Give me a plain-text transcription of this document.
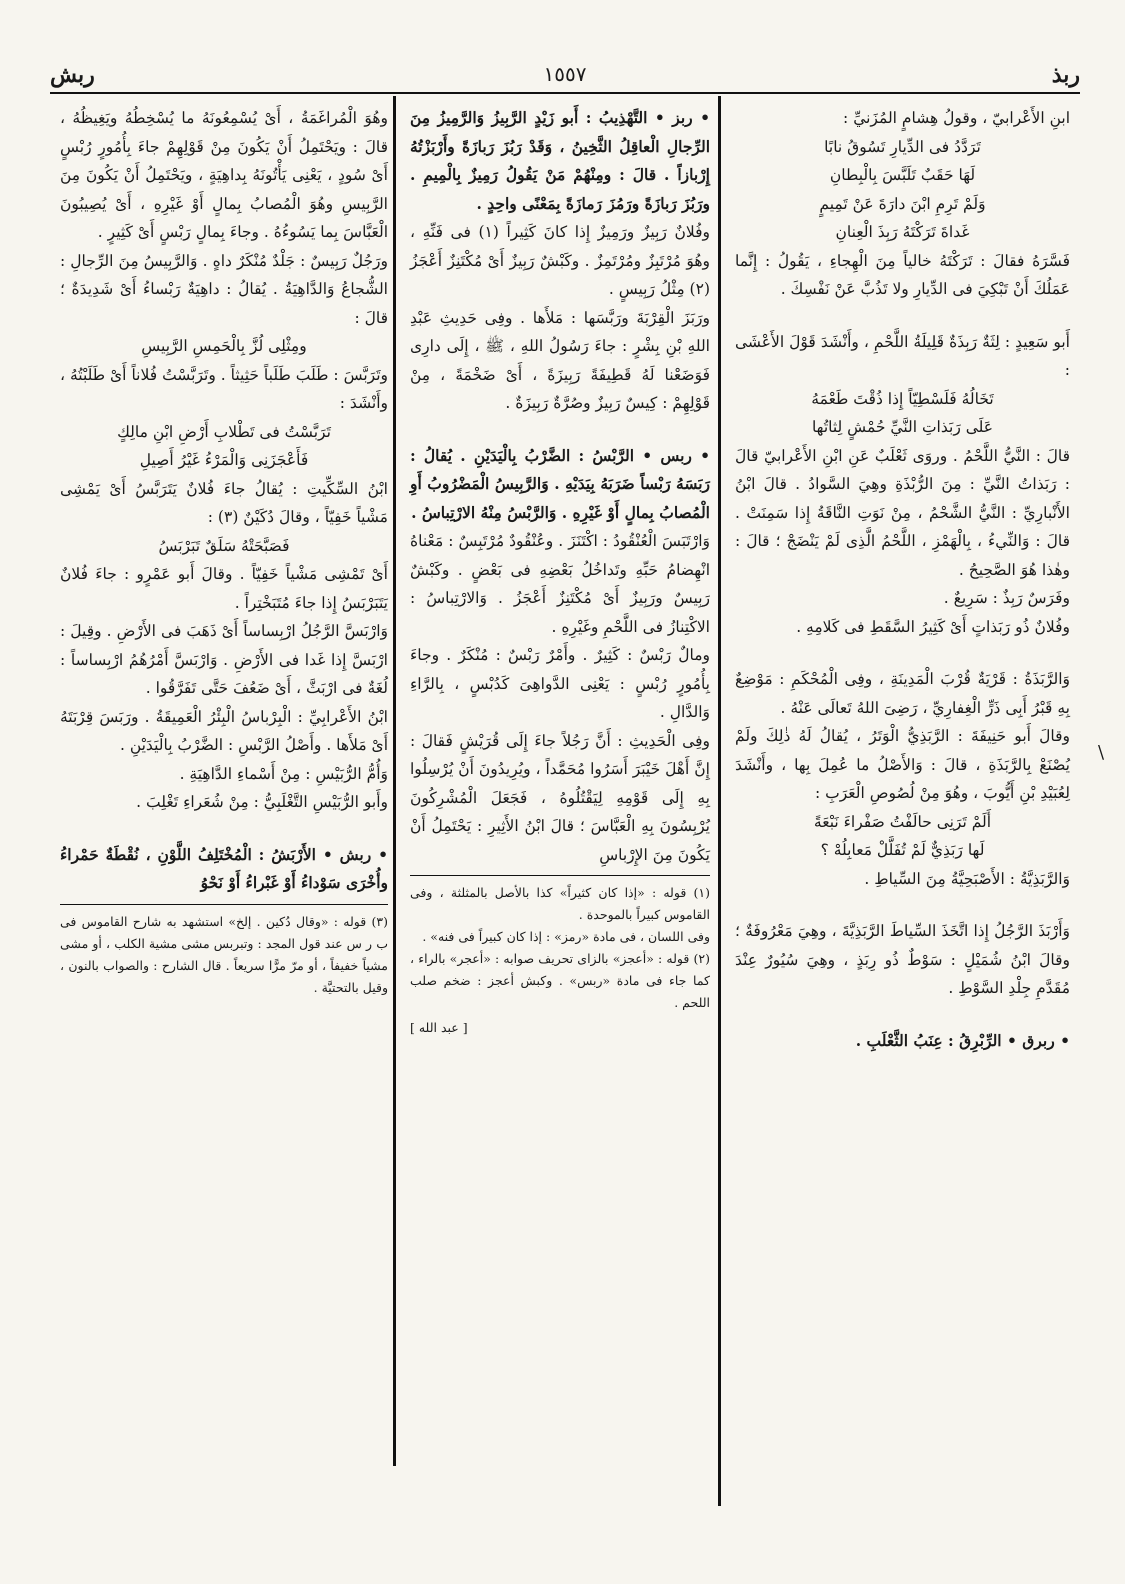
ربذ
١٥٥٧
ربش
\

ابنِ الأَعْرابيّ ، وقولُ هِشامٍ المُزَنيِّ :

تَرَدَّدُ فى الدِّيارِ تَسُوقُ نابًا

لَهَا حَقَبٌ تَلَبَّسَ بِالْبِطانِ

وَلَمْ تَرِمِ ابْنَ دارَةَ عَنْ تَمِيمٍ

غَداةَ تَرَكْتَهُ رَبِذَ الْعِنانِ

فَسَّرَهُ فقالَ : تَرَكْتَهُ خالياً مِنَ الْهِجاءِ ، يَقُولُ : إِنَّما عَمَلُكَ أَنْ تَبْكِيَ فى الدِّيارِ ولا تَذُبَّ عَنْ نَفْسِكَ .

أَبو سَعِيدٍ : لِثَةٌ رَبِذَةٌ قَلِيلَةُ اللَّحْمِ ، وأَنْشَدَ قَوْلَ الأَعْشَى :

تَخَالُهُ فَلَسْطِيّاً إِذا ذُقْتَ طَعْمَهُ

عَلَى رَبَذاتِ النَّيِّ حُمْشٍ لِثاتُها

قالَ : النَّيُّ اللَّحْمُ . وروَى ثَعْلَبٌ عَنِ ابْنِ الأَعْرابيّ قالَ : رَبَذاتُ النَّيِّ : مِنَ الرُّبْذَةِ وهِيَ السَّوادُ . قالَ ابْنُ الأَنْبارِيِّ : النَّيُّ الشَّحْمُ ، مِنْ نَوَتِ النَّاقَةُ إِذا سَمِنَتْ . قالَ : وَالنِّيءُ ، بِالْهَمْزِ ، اللَّحْمُ الَّذِى لَمْ يَنْضَجْ ؛ قالَ : وهٰذا هُوَ الصَّحِيحُ .

وفَرَسٌ رَبِذٌ : سَرِيعٌ .

وفُلانٌ ذُو رَبَذاتٍ أَىْ كَثِيرُ السَّقَطِ فى كَلامِهِ .

وَالرَّبَذَةُ : قَرْيَةٌ قُرْبَ الْمَدِينَةِ ، وفِى الْمُحْكَمِ : مَوْضِعٌ بِهِ قَبْرُ أَبِى ذَرٍّ الْغِفارِيِّ ، رَضِىَ اللهُ تَعالَى عَنْهُ .

وقالَ أَبو حَنِيفَةَ : الرَّبَذِيُّ الْوَتَرُ ، يُقالُ لَهُ ذٰلِكَ ولَمْ يُصْنَعْ بِالرَّبَذَةِ ، قالَ : وَالأَصْلُ ما عُمِلَ بِها ، وأَنْشَدَ لِعُبَيْدِ بْنِ أَيُّوبَ ، وهُوَ مِنْ لُصُوصِ الْعَرَبِ :

أَلَمْ تَرَنِى حالَفْتُ صَفْراءَ نَبْعَةً

لَها رَبَذِيٌّ لَمْ تُفَلَّلْ مَعابِلُهْ ؟

وَالرَّبَذِيَّةُ : الأَصْبَحِيَّةُ مِنَ السِّياطِ .

وَأَرْبَذَ الرَّجُلُ إِذا اتَّخَذَ السِّياطَ الرَّبَذِيَّةَ ، وهِيَ مَعْرُوفَةٌ ؛ وقالَ ابْنُ شُمَيْلٍ : سَوْطٌ ذُو رِبَذٍ ، وهِيَ سُيُورٌ عِنْدَ مُقَدَّمِ جِلْدِ السَّوْطِ .

• ربرق • الرِّبْرِقُ : عِنَبُ الثَّعْلَبِ .

• ربز • التَّهْذِيبُ : أَبو زَيْدٍ الرَّبِيزُ وَالرَّمِيزُ مِنَ الرِّجالِ الْعاقِلُ الثَّخِينُ ، وَقَدْ رَبُزَ رَبازَةً وأَرْبَزْتُهُ إِرْبازاً . قالَ : ومِنْهُمْ مَنْ يَقُولُ رَمِيزٌ بِالْمِيمِ . ورَبُزَ رَبازَةً ورَمُزَ رَمازَةً بِمَعْنًى واحِدٍ .

وفُلانٌ رَبِيزٌ ورَمِيزٌ إِذا كانَ كَثِيراً (١) فى فَنِّهِ ، وهُوَ مُرْتَبِزٌ ومُرْتَمِزٌ . وكَبْشٌ رَبِيزٌ أَىْ مُكْتَنِزٌ أَعْجَزُ (٢) مِثْلُ رَبِيسٍ .

ورَبَزَ الْقِرْبَةَ ورَبَّسَها : مَلأَها . وفِى حَدِيثِ عَبْدِ اللهِ بْنِ بِشْرٍ : جاءَ رَسُولُ اللهِ ، ﷺ ، إِلَى دارِى فَوَضَعْنا لَهُ قَطِيفَةً رَبِيزَةً ، أَىْ ضَخْمَةً ، مِنْ قَوْلِهِمْ : كِيسٌ رَبِيزٌ وصُرَّةٌ رَبِيزَةٌ .

• ربس • الرَّبْسُ : الضَّرْبُ بِالْيَدَيْنِ . يُقالُ : رَبَسَهُ رَبْساً ضَرَبَهُ بِيَدَيْهِ . وَالرَّبِيسُ الْمَضْرُوبُ أَوِ الْمُصابُ بِمالٍ أَوْ غَيْرِهِ . وَالرَّبْسُ مِنْهُ الارْتِباسُ .

وَارْتَبَسَ الْعُنْقُودُ : اكْتَنَزَ . وعُنْقُودٌ مُرْتَبِسٌ : مَعْناهُ انْهِضامُ حَبِّهِ وتَداخُلُ بَعْضِهِ فى بَعْضٍ . وكَبْشٌ رَبِيسٌ ورَبِيزٌ أَىْ مُكْتَنِزٌ أَعْجَزُ . وَالارْتِباسُ : الاكْتِنازُ فى اللَّحْمِ وغَيْرِهِ .

ومالٌ رَبْسٌ : كَثِيرٌ . وأَمْرٌ رَبْسٌ : مُنْكَرٌ . وجاءَ بِأُمُورٍ رُبْسٍ : يَعْنِى الدَّواهِىَ كَدُبْسٍ ، بِالرَّاءِ وَالدَّالِ .

وفِى الْحَدِيثِ : أَنَّ رَجُلاً جاءَ إِلَى قُرَيْشٍ فَقالَ : إِنَّ أَهْلَ خَيْبَرَ أَسَرُوا مُحَمَّداً ، ويُرِيدُونَ أَنْ يُرْسِلُوا بِهِ إِلَى قَوْمِهِ لِيَقْتُلُوهُ ، فَجَعَلَ الْمُشْرِكُونَ يُرْبِسُونَ بِهِ الْعَبَّاسَ ؛ قالَ ابْنُ الأَثِيرِ : يَحْتَمِلُ أَنْ يَكُونَ مِنَ الإِرْباسِ

(١) قوله : «إذا كان كثيراً» كذا بالأصل بالمثلثة ، وفى القاموس كبيراً بالموحدة .

وفى اللسان ، فى مادة «رمز» : إذا كان كبيراً فى فنه» .

(٢) قوله : «أعجز» بالزاى تحريف صوابه : «أعجر» بالراء ، كما جاء فى مادة «ربس» . وكبش أعجز : ضخم صلب اللحم .

[ عبد الله ]

وهُوَ الْمُراغَمَةُ ، أَىْ يُسْمِعُونَهُ ما يُسْخِطُهُ ويَغِيظُهُ ، قالَ : ويَحْتَمِلُ أَنْ يَكُونَ مِنْ قَوْلِهِمْ جاءَ بِأُمُورٍ رُبْسٍ أَىْ سُودٍ ، يَعْنِى يَأْتُونَهُ بِداهِيَةٍ ، ويَحْتَمِلُ أَنْ يَكُونَ مِنَ الرَّبِيسِ وهُوَ الْمُصابُ بِمالٍ أَوْ غَيْرِهِ ، أَىْ يُصِيبُونَ الْعَبَّاسَ بِما يَسُوءُهُ . وجاءَ بِمالٍ رَبْسٍ أَىْ كَثِيرٍ .

ورَجُلٌ رَبِيسٌ : جَلْدٌ مُنْكَرٌ داهٍ . وَالرَّبِيسُ مِنَ الرِّجالِ : الشُّجاعُ وَالدَّاهِيَةُ . يُقالُ : داهِيَةٌ رَبْساءُ أَىْ شَدِيدَةٌ ؛ قالَ :

ومِثْلِى لُزَّ بِالْحَمِسِ الرَّبِيسِ

وتَرَبَّسَ : طَلَبَ طَلَباً حَثِيثاً . وتَرَبَّسْتُ فُلاناً أَىْ طَلَبْتُهُ ، وأَنْشَدَ :

تَرَبَّسْتُ فى تَطْلابِ أَرْضِ ابْنِ مالِكٍ

فَأَعْجَزَنِى وَالْمَرْءُ غَيْرُ أَصِيلِ

ابْنُ السِّكِّيتِ : يُقالُ جاءَ فُلانٌ يَتَرَبَّسُ أَىْ يَمْشِى مَشْياً خَفِيّاً ، وقالَ دُكَيْنٌ (٣) :

فَصَبَّحَتْهُ سَلَقٌ تَبَرْبَسُ

أَىْ تَمْشِى مَشْياً خَفِيّاً . وقالَ أَبو عَمْرٍو : جاءَ فُلانٌ يَتَبَرْبَسُ إِذا جاءَ مُتَبَخْتِراً .

وَارْبَسَّ الرَّجُلُ ارْبِساساً أَىْ ذَهَبَ فى الأَرْضِ . وقِيلَ : ارْبَسَّ إِذا غَدا فى الأَرْضِ . وَارْبَسَّ أَمْرُهُمُ ارْبِساساً : لُغَةٌ فى ارْبَثَّ ، أَىْ ضَعُفَ حَتَّى تَفَرَّقُوا .

ابْنُ الأَعْرابِيِّ : الْبِرْباسُ الْبِئْرُ الْعَمِيقَةُ . ورَبَسَ قِرْبَتَهُ أَىْ مَلأَها . وأَصْلُ الرَّبْسِ : الضَّرْبُ بِالْيَدَيْنِ .

وَأُمُّ الرُّبَيْسِ : مِنْ أَسْماءِ الدَّاهِيَةِ .

وأَبو الرُّبَيْسِ التَّغْلَبِيُّ : مِنْ شُعَراءِ تَغْلِبَ .

• ربش • الأَرْبَشُ : الْمُخْتَلِفُ اللَّوْنِ ، نُقْطَةٌ حَمْراءُ وأُخْرَى سَوْداءُ أَوْ غَبْراءُ أَوْ نَحْوُ

(٣) قوله : «وقال دُكين . إلخ» استشهد به شارح القاموس فى ب ر س عند قول المجد : وتبربس مشى مشية الكلب ، أو مشى مشياً خفيفاً ، أو مرّ مرًّا سريعاً . قال الشارح : والصواب بالنون ، وقيل بالتحتيَّة .
